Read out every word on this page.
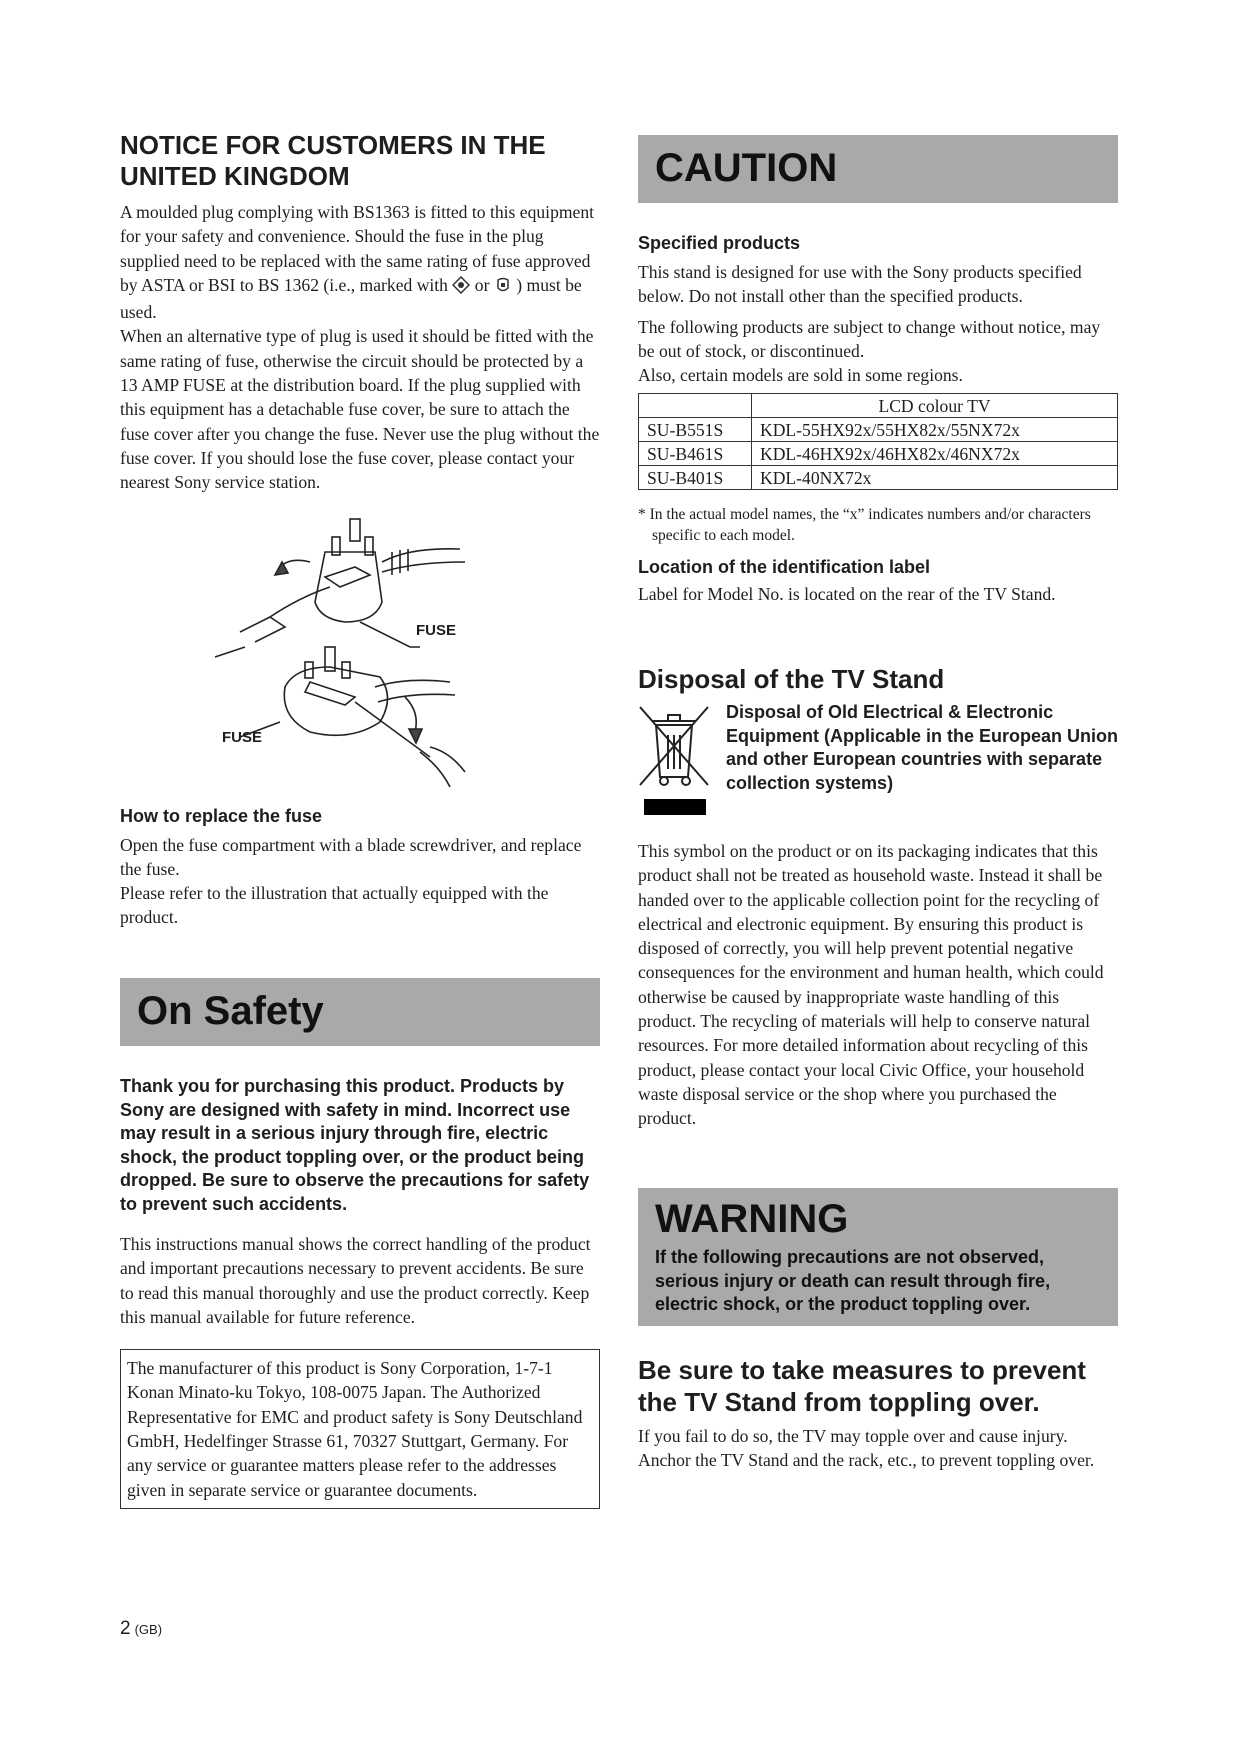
NOTICE FOR CUSTOMERS IN THE UNITED KINGDOM

A moulded plug complying with BS1363 is fitted to this equipment for your safety and convenience. Should the fuse in the plug supplied need to be replaced with the same rating of fuse approved by ASTA or BSI to BS 1362 (i.e., marked with or ) must be used.

When an alternative type of plug is used it should be fitted with the same rating of fuse, otherwise the circuit should be protected by a 13 AMP FUSE at the distribution board. If the plug supplied with this equipment has a detachable fuse cover, be sure to attach the fuse cover after you change the fuse. Never use the plug without the fuse cover. If you should lose the fuse cover, please contact your nearest Sony service station.

FUSE
FUSE
How to replace the fuse

Open the fuse compartment with a blade screwdriver, and replace the fuse.

Please refer to the illustration that actually equipped with the product.

On Safety

Thank you for purchasing this product. Products by Sony are designed with safety in mind. Incorrect use may result in a serious injury through fire, electric shock, the product toppling over, or the product being dropped. Be sure to observe the precautions for safety to prevent such accidents.

This instructions manual shows the correct handling of the product and important precautions necessary to prevent accidents. Be sure to read this manual thoroughly and use the product correctly. Keep this manual available for future reference.

The manufacturer of this product is Sony Corporation, 1-7-1 Konan Minato-ku Tokyo, 108-0075 Japan. The Authorized Representative for EMC and product safety is Sony Deutschland GmbH, Hedelfinger Strasse 61, 70327 Stuttgart, Germany. For any service or guarantee matters please refer to the addresses given in separate service or guarantee documents.

2 (GB)
CAUTION
Specified products

This stand is designed for use with the Sony products specified below. Do not install other than the specified products.

The following products are subject to change without notice, may be out of stock, or discontinued.

Also, certain models are sold in some regions.

	LCD colour TV
SU-B551S	KDL-55HX92x/55HX82x/55NX72x
SU-B461S	KDL-46HX92x/46HX82x/46NX72x
SU-B401S	KDL-40NX72x

* In the actual model names, the “x” indicates numbers and/or characters specific to each model.

Location of the identification label

Label for Model No. is located on the rear of the TV Stand.

Disposal of the TV Stand

Disposal of Old Electrical & Electronic Equipment (Applicable in the European Union and other European countries with separate collection systems)

This symbol on the product or on its packaging indicates that this product shall not be treated as household waste. Instead it shall be handed over to the applicable collection point for the recycling of electrical and electronic equipment. By ensuring this product is disposed of correctly, you will help prevent potential negative consequences for the environment and human health, which could otherwise be caused by inappropriate waste handling of this product. The recycling of materials will help to conserve natural resources. For more detailed information about recycling of this product, please contact your local Civic Office, your household waste disposal service or the shop where you purchased the product.

WARNING

If the following precautions are not observed, serious injury or death can result through fire, electric shock, or the product toppling over.

Be sure to take measures to prevent the TV Stand from toppling over.

If you fail to do so, the TV may topple over and cause injury. Anchor the TV Stand and the rack, etc., to prevent toppling over.
